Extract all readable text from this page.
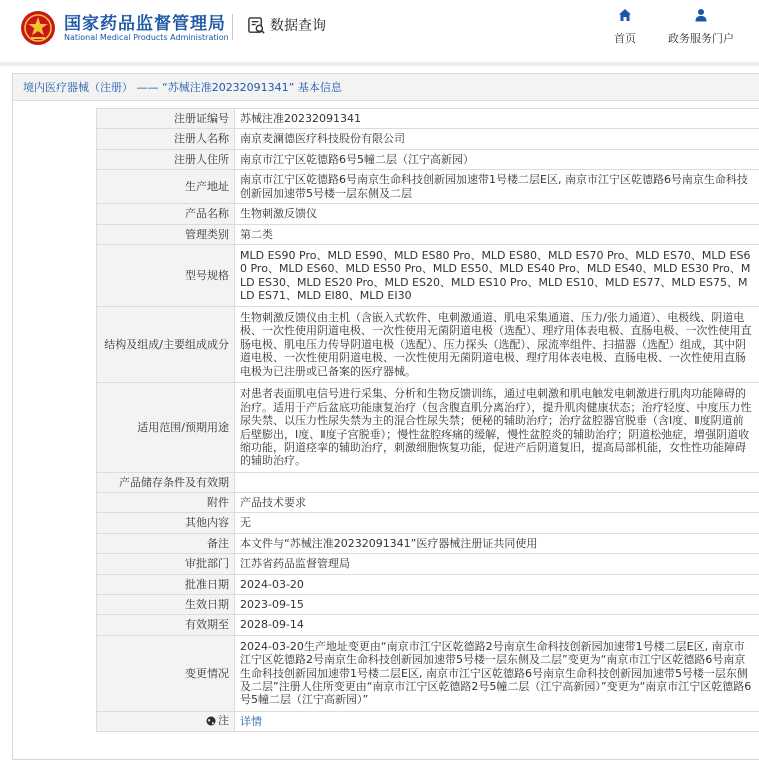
国家药品监督管理局
National Medical Products Administration
数据查询
首页	政务服务门户
境内医疗器械（注册） —— “苏械注准20232091341” 基本信息
注册证编号	苏械注准20232091341
注册人名称	南京麦澜德医疗科技股份有限公司
注册人住所	南京市江宁区乾德路6号5幢二层（江宁高新园）
生产地址	南京市江宁区乾德路6号南京生命科技创新园加速带1号楼二层E区, 南京市江宁区乾德路6号南京生命科技创新园加速带5号楼一层东侧及二层
产品名称	生物刺激反馈仪
管理类别	第二类
型号规格	MLD ES90 Pro、MLD ES90、MLD ES80 Pro、MLD ES80、MLD ES70 Pro、MLD ES70、MLD ES60 Pro、MLD ES60、MLD ES50 Pro、MLD ES50、MLD ES40 Pro、MLD ES40、MLD ES30 Pro、MLD ES30、MLD ES20 Pro、MLD ES20、MLD ES10 Pro、MLD ES10、MLD ES77、MLD ES75、MLD ES71、MLD EI80、MLD EI30
结构及组成/主要组成成分	生物刺激反馈仪由主机（含嵌入式软件、电刺激通道、肌电采集通道、压力/张力通道）、电极线、阴道电极、一次性使用阴道电极、一次性使用无菌阴道电极（选配）、理疗用体表电极、直肠电极、一次性使用直肠电极、肌电压力传导阴道电极（选配）、压力探头（选配）、尿流率组件、扫描器（选配）组成，其中阴道电极、一次性使用阴道电极、一次性使用无菌阴道电极、理疗用体表电极、直肠电极、一次性使用直肠电极为已注册或已备案的医疗器械。
适用范围/预期用途	对患者表面肌电信号进行采集、分析和生物反馈训练，通过电刺激和肌电触发电刺激进行肌肉功能障碍的治疗。适用于产后盆底功能康复治疗（包含腹直肌分离治疗），提升肌肉健康状态；治疗轻度、中度压力性尿失禁、以压力性尿失禁为主的混合性尿失禁；便秘的辅助治疗；治疗盆腔器官脱垂（含Ⅰ度、Ⅱ度阴道前后壁膨出，Ⅰ度、Ⅱ度子宫脱垂）；慢性盆腔疼痛的缓解，慢性盆腔炎的辅助治疗；阴道松弛症，增强阴道收缩功能，阴道痉挛的辅助治疗，刺激细胞恢复功能，促进产后阴道复旧，提高局部机能，女性性功能障碍的辅助治疗。
产品储存条件及有效期	
附件	产品技术要求
其他内容	无
备注	本文件与“苏械注准20232091341”医疗器械注册证共同使用
审批部门	江苏省药品监督管理局
批准日期	2024-03-20
生效日期	2023-09-15
有效期至	2028-09-14
变更情况	2024-03-20生产地址变更由“南京市江宁区乾德路2号南京生命科技创新园加速带1号楼二层E区, 南京市江宁区乾德路2号南京生命科技创新园加速带5号楼一层东侧及二层”变更为“南京市江宁区乾德路6号南京生命科技创新园加速带1号楼二层E区, 南京市江宁区乾德路6号南京生命科技创新园加速带5号楼一层东侧及二层”注册人住所变更由“南京市江宁区乾德路2号5幢二层（江宁高新园）”变更为“南京市江宁区乾德路6号5幢二层（江宁高新园）”

注	详情
